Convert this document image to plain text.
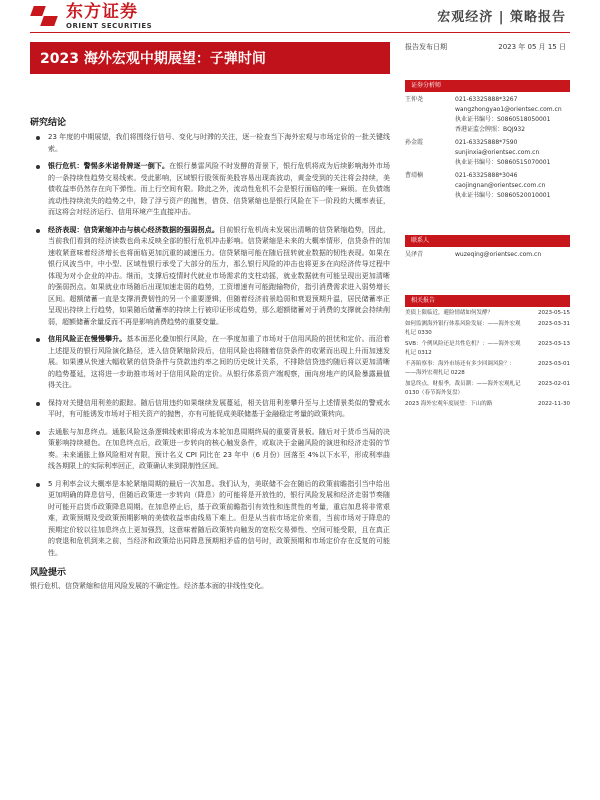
东方证券
ORIENT SECURITIES
宏观经济 | 策略报告
2023 海外宏观中期展望：子弹时间
报告发布日期	2023 年 05 月 15 日
研究结论
23 年度的中期展望，我们将围绕行信号、变化与时滞的关注，逐一检查当下海外宏观与市场定价的一批关键线索。
银行危机：警惕多米诺骨牌逐一倒下。在银行暴雷风险不时发酵的背景下，银行危机将成为后续影响海外市场的一条持续性趋势交易线索。受此影响，区域银行股领衔美股容易出现高波动，黄金受到的关注将会持续，美债收益率仍然存在向下弹性。而上行空间有限。除此之外，流动性危机不会是银行面临的唯一麻烦。在负债端流动性持续流失的趋势之中，除了浮亏资产的抛售，借贷、信贷紧缩也是银行风险在下一阶段的大概率表征，而这将会对经济运行、信用环境产生直接冲击。
经济表现：信贷紧缩冲击与核心经济数据的强弱拐点。目前银行危机尚未发展出清晰的信贷紧缩趋势，因此，当前我们看到的经济读数也尚未反映全部的银行危机冲击影响。信贷紧缩是未来的大概率情形，信贷条件的加速收紧意味着经济增长也将面临更加沉重的减速压力。信贷紧缩可能在随后扭转就业数据的韧性表现。如果在银行风波当中，中小型、区域性银行承受了大部分的压力，那么银行风险的冲击也将更多在向经济传导过程中体现为对小企业的冲击。继而，支撑后疫情时代就业市场需求的支柱动摇，就业数据就有可能呈现出更加清晰的强弱拐点。如果就业市场随后出现加速走弱的趋势，工资增速有可能跑输物价，指引消费需求进入弱势增长区间。超额储蓄一直是支撑消费韧性的另一个重要逻辑，但随着经济前景趋弱和衰退预期升温，居民储蓄率正呈现出持续上行趋势，如果随后储蓄率的持续上行被印证形成趋势，那么超额储蓄对于消费的支撑就会持续削弱，超额储蓄余量反而不再是影响消费趋势的重要变量。
信用风险正在慢慢攀升。基本面恶化叠加银行风险，在一季度加重了市场对于信用风险的担忧和定价。而沿着上述提及的银行风险演化路径，进入信贷紧缩阶段后，信用风险也将随着信贷条件的收紧而出现上升而加速发展。如果遵从快速大幅收紧的信贷条件与贷款违约率之间的历史统计关系，不排除信贷违约随后将以更加清晰的趋势蔓延，这将进一步助推市场对于信用风险的定价。从银行体系资产端观察，面向房地产的风险暴露最值得关注。
保持对关键信用利差的跟踪。随后信用违约如果继续发展蔓延，相关信用利差攀升至与上述情景类似的警戒水平时，有可能诱发市场对于相关资产的抛售，亦有可能促成美联储基于金融稳定考量的政策转向。
去通胀与加息终点。通胀风险这条逻辑线索即将成为本轮加息周期终局的重要背景板。随后对于货币当局的决策影响持续褪色。在加息终点后，政策进一步转向的核心触发条件，或取决于金融风险的演进和经济走弱的节奏。未来通胀上修风险相对有限，预计名义 CPI 同比在 23 年中（6 月份）回落至 4%以下水平，形成利率曲线各期限上的实际利率回正，政策确认来到限制性区间。
5 月利率会议大概率是本轮紧缩周期的最后一次加息。我们认为，美联储不会在随后的政策前瞻指引当中给出更加明确的降息信号，但随后政策进一步转向（降息）的可能将是开放性的，银行风险发展和经济走弱节奏随时可能开启货币政策降息周期。在加息停止后，基于政策前瞻指引有效性和连贯性的考量，重启加息将非常艰难，政策预期及受政策预期影响的美债收益率曲线易下难上。但是从当前市场定价来看，当前市场对于降息的预期定价较以往加息终点上更加强烈，这意味着随后政策转向触发的宽松交易弹性、空间可能受限，且在真正的衰退和危机到来之前，当经济和政策给出同降息预期相矛盾的信号时，政策预期和市场定价存在反复的可能性。
风险提示
银行危机、信贷紧缩和信用风险发展的不确定性。经济基本面的非线性变化。
证券分析师
王仲尧	021-63325888*3267
wangzhongyao1@orientsec.com.cn
执业证书编号：S0860518050001
香港证监会牌照：BQJ932
孙金霞	021-63325888*7590
sunjinxia@orientsec.com.cn
执业证书编号：S0860515070001
曹靖楠	021-63325888*3046
caojingnan@orientsec.com.cn
执业证书编号：S0860520010001
联系人
吴泽青	wuzeqing@orientsec.com.cn
相关报告
美债上限临近，避险情绪如何发酵？	2023-05-15
如何监测海外银行体系风险发展：——海外宏观札记 0330
2023-03-31
SVB：个例风险还是共性危机？：——海外宏观札记 0312
2023-03-13
不善陷察事：海外市场还有多少回调风险？：——海外宏观札记 0228
2023-03-01
加息终点，财报季，裁员潮：——海外宏观札记 0130（春节海外复盘）
2023-02-01
2023 海外宏观年度展望：下山的路	2022-11-30
